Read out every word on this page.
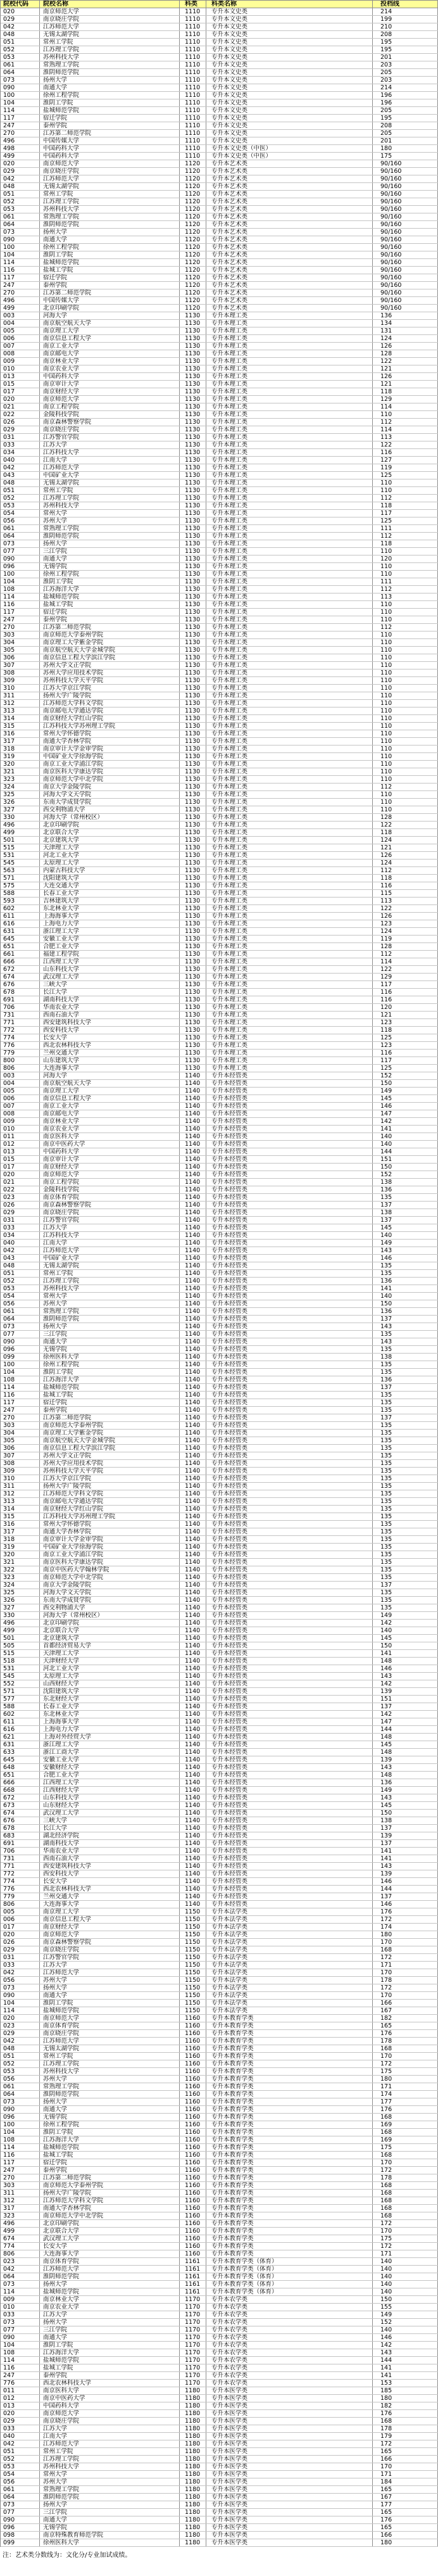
院校代码	院校名称	科类	科类名称	投档线
020	南京师范大学	1110	专升本文史类	214
029	南京晓庄学院	1110	专升本文史类	199
042	江苏师范大学	1110	专升本文史类	210
048	无锡太湖学院	1110	专升本文史类	208
051	常州工学院	1110	专升本文史类	195
052	江苏理工学院	1110	专升本文史类	195
053	苏州科技大学	1110	专升本文史类	201
061	常熟理工学院	1110	专升本文史类	203
064	淮阴师范学院	1110	专升本文史类	205
073	扬州大学	1110	专升本文史类	203
090	南通大学	1110	专升本文史类	214
100	徐州工程学院	1110	专升本文史类	196
104	淮阴工学院	1110	专升本文史类	196
114	盐城师范学院	1110	专升本文史类	205
117	宿迁学院	1110	专升本文史类	195
247	泰州学院	1110	专升本文史类	208
270	江苏第二师范学院	1110	专升本文史类	205
496	中国传媒大学	1110	专升本文史类	201
498	中国药科大学	1110	专升本文史类（中医）	180
499	中国药科大学	1110	专升本文史类（中医）	175
020	南京师范大学	1120	专升本艺术类	90/160
029	南京晓庄学院	1120	专升本艺术类	90/160
042	江苏师范大学	1120	专升本艺术类	90/160
048	无锡太湖学院	1120	专升本艺术类	90/160
051	常州工学院	1120	专升本艺术类	90/160
052	江苏理工学院	1120	专升本艺术类	90/160
053	苏州科技大学	1120	专升本艺术类	90/160
061	常熟理工学院	1120	专升本艺术类	90/160
064	淮阴师范学院	1120	专升本艺术类	90/160
073	扬州大学	1120	专升本艺术类	90/160
090	南通大学	1120	专升本艺术类	90/160
100	徐州工程学院	1120	专升本艺术类	90/160
104	淮阴工学院	1120	专升本艺术类	90/160
114	盐城师范学院	1120	专升本艺术类	90/160
116	盐城工学院	1120	专升本艺术类	90/160
117	宿迁学院	1120	专升本艺术类	90/160
247	泰州学院	1120	专升本艺术类	90/160
270	江苏第二师范学院	1120	专升本艺术类	90/160
496	中国传媒大学	1120	专升本艺术类	90/160
499	北京印刷学院	1120	专升本艺术类	90/160
003	河海大学	1130	专升本理工类	136
004	南京航空航天大学	1130	专升本理工类	134
005	南京理工大学	1130	专升本理工类	131
006	南京信息工程大学	1130	专升本理工类	124
007	南京工业大学	1130	专升本理工类	126
008	南京邮电大学	1130	专升本理工类	128
009	南京林业大学	1130	专升本理工类	122
010	南京农业大学	1130	专升本理工类	121
013	中国药科大学	1130	专升本理工类	126
015	南京审计大学	1130	专升本理工类	121
017	南京财经大学	1130	专升本理工类	118
020	南京师范大学	1130	专升本理工类	129
021	南京工程学院	1130	专升本理工类	114
022	金陵科技学院	1130	专升本理工类	110
026	南京森林警察学院	1130	专升本理工类	112
029	南京晓庄学院	1130	专升本理工类	114
031	江苏警官学院	1130	专升本理工类	113
033	江苏大学	1130	专升本理工类	122
034	江苏科技大学	1130	专升本理工类	116
040	江南大学	1130	专升本理工类	127
042	江苏师范大学	1130	专升本理工类	119
043	中国矿业大学	1130	专升本理工类	125
048	无锡太湖学院	1130	专升本理工类	110
051	常州工学院	1130	专升本理工类	110
052	江苏理工学院	1130	专升本理工类	112
053	苏州科技大学	1130	专升本理工类	118
054	常州大学	1130	专升本理工类	117
056	苏州大学	1130	专升本理工类	125
061	常熟理工学院	1130	专升本理工类	111
064	淮阴师范学院	1130	专升本理工类	112
073	扬州大学	1130	专升本理工类	118
077	三江学院	1130	专升本理工类	110
090	南通大学	1130	专升本理工类	120
096	无锡学院	1130	专升本理工类	110
100	徐州工程学院	1130	专升本理工类	110
104	淮阴工学院	1130	专升本理工类	111
108	江苏海洋大学	1130	专升本理工类	112
114	盐城师范学院	1130	专升本理工类	113
116	盐城工学院	1130	专升本理工类	110
117	宿迁学院	1130	专升本理工类	110
247	泰州学院	1130	专升本理工类	110
270	江苏第二师范学院	1130	专升本理工类	112
303	南京师范大学泰州学院	1130	专升本理工类	110
304	南京理工大学紫金学院	1130	专升本理工类	110
305	南京航空航天大学金城学院	1130	专升本理工类	110
306	南京信息工程大学滨江学院	1130	专升本理工类	110
307	苏州大学文正学院	1130	专升本理工类	110
308	苏州大学应用技术学院	1130	专升本理工类	110
309	苏州科技大学天平学院	1130	专升本理工类	110
310	江苏大学京江学院	1130	专升本理工类	110
311	扬州大学广陵学院	1130	专升本理工类	110
312	江苏师范大学科文学院	1130	专升本理工类	110
313	南京邮电大学通达学院	1130	专升本理工类	110
314	南京财经大学红山学院	1130	专升本理工类	110
315	江苏科技大学苏州理工学院	1130	专升本理工类	110
316	常州大学怀德学院	1130	专升本理工类	110
317	南通大学杏林学院	1130	专升本理工类	110
318	南京审计大学金审学院	1130	专升本理工类	110
319	中国矿业大学徐海学院	1130	专升本理工类	110
320	南京工业大学浦江学院	1130	专升本理工类	110
321	南京医科大学康达学院	1130	专升本理工类	110
323	南京师范大学中北学院	1130	专升本理工类	110
324	南京大学金陵学院	1130	专升本理工类	112
325	河海大学文天学院	1130	专升本理工类	110
326	东南大学成贤学院	1130	专升本理工类	110
327	西交利物浦大学	1130	专升本理工类	110
330	河海大学（常州校区）	1130	专升本理工类	128
496	北京印刷学院	1130	专升本理工类	122
499	北京联合大学	1130	专升本理工类	118
501	北京建筑大学	1130	专升本理工类	124
515	天津理工大学	1130	专升本理工类	121
531	河北工业大学	1130	专升本理工类	126
545	太原理工大学	1130	专升本理工类	124
563	内蒙古科技大学	1130	专升本理工类	112
571	沈阳建筑大学	1130	专升本理工类	118
575	大连交通大学	1130	专升本理工类	116
588	长春工业大学	1130	专升本理工类	115
593	吉林建筑大学	1130	专升本理工类	113
602	东北林业大学	1130	专升本理工类	122
611	上海海事大学	1130	专升本理工类	126
616	上海电力大学	1130	专升本理工类	123
631	浙江理工大学	1130	专升本理工类	124
645	安徽工业大学	1130	专升本理工类	119
651	合肥工业大学	1130	专升本理工类	128
661	福建工程学院	1130	专升本理工类	112
666	江西理工大学	1130	专升本理工类	114
672	山东科技大学	1130	专升本理工类	122
674	武汉理工大学	1130	专升本理工类	129
676	三峡大学	1130	专升本理工类	117
678	长江大学	1130	专升本理工类	116
691	湖南科技大学	1130	专升本理工类	116
706	华南农业大学	1130	专升本理工类	120
731	西南石油大学	1130	专升本理工类	121
771	西安建筑科技大学	1130	专升本理工类	123
772	西安科技大学	1130	专升本理工类	118
774	长安大学	1130	专升本理工类	125
776	西北农林科技大学	1130	专升本理工类	123
779	兰州交通大学	1130	专升本理工类	116
800	山东建筑大学	1130	专升本理工类	117
806	大连海事大学	1130	专升本理工类	125
003	河海大学	1140	专升本经管类	152
004	南京航空航天大学	1140	专升本经管类	150
005	南京理工大学	1140	专升本经管类	149
006	南京信息工程大学	1140	专升本经管类	145
007	南京工业大学	1140	专升本经管类	146
008	南京邮电大学	1140	专升本经管类	147
009	南京林业大学	1140	专升本经管类	142
010	南京农业大学	1140	专升本经管类	141
011	南京医科大学	1140	专升本经管类	140
012	南京中医药大学	1140	专升本经管类	140
013	中国药科大学	1140	专升本经管类	144
015	南京审计大学	1140	专升本经管类	151
017	南京财经大学	1140	专升本经管类	150
020	南京师范大学	1140	专升本经管类	152
021	南京工程学院	1140	专升本经管类	138
022	金陵科技学院	1140	专升本经管类	136
023	南京体育学院	1140	专升本经管类	135
026	南京森林警察学院	1140	专升本经管类	137
029	南京晓庄学院	1140	专升本经管类	138
031	江苏警官学院	1140	专升本经管类	137
033	江苏大学	1140	专升本经管类	145
034	江苏科技大学	1140	专升本经管类	140
040	江南大学	1140	专升本经管类	149
042	江苏师范大学	1140	专升本经管类	143
043	中国矿业大学	1140	专升本经管类	146
048	无锡太湖学院	1140	专升本经管类	135
051	常州工学院	1140	专升本经管类	135
052	江苏理工学院	1140	专升本经管类	136
053	苏州科技大学	1140	专升本经管类	141
054	常州大学	1140	专升本经管类	140
056	苏州大学	1140	专升本经管类	150
061	常熟理工学院	1140	专升本经管类	136
064	淮阴师范学院	1140	专升本经管类	137
073	扬州大学	1140	专升本经管类	143
077	三江学院	1140	专升本经管类	135
090	南通大学	1140	专升本经管类	143
096	无锡学院	1140	专升本经管类	135
099	徐州医科大学	1140	专升本经管类	138
100	徐州工程学院	1140	专升本经管类	135
104	淮阴工学院	1140	专升本经管类	135
108	江苏海洋大学	1140	专升本经管类	136
114	盐城师范学院	1140	专升本经管类	137
116	盐城工学院	1140	专升本经管类	135
117	宿迁学院	1140	专升本经管类	135
247	泰州学院	1140	专升本经管类	135
270	江苏第二师范学院	1140	专升本经管类	137
303	南京师范大学泰州学院	1140	专升本经管类	135
304	南京理工大学紫金学院	1140	专升本经管类	135
305	南京航空航天大学金城学院	1140	专升本经管类	135
306	南京信息工程大学滨江学院	1140	专升本经管类	135
307	苏州大学文正学院	1140	专升本经管类	135
308	苏州大学应用技术学院	1140	专升本经管类	135
309	苏州科技大学天平学院	1140	专升本经管类	135
310	江苏大学京江学院	1140	专升本经管类	135
311	扬州大学广陵学院	1140	专升本经管类	135
312	江苏师范大学科文学院	1140	专升本经管类	135
313	南京邮电大学通达学院	1140	专升本经管类	135
314	南京财经大学红山学院	1140	专升本经管类	135
315	江苏科技大学苏州理工学院	1140	专升本经管类	135
316	常州大学怀德学院	1140	专升本经管类	135
317	南通大学杏林学院	1140	专升本经管类	135
318	南京审计大学金审学院	1140	专升本经管类	135
319	中国矿业大学徐海学院	1140	专升本经管类	135
320	南京工业大学浦江学院	1140	专升本经管类	135
321	南京医科大学康达学院	1140	专升本经管类	135
322	南京中医药大学翰林学院	1140	专升本经管类	135
323	南京师范大学中北学院	1140	专升本经管类	135
324	南京大学金陵学院	1140	专升本经管类	137
325	河海大学文天学院	1140	专升本经管类	135
326	东南大学成贤学院	1140	专升本经管类	135
327	西交利物浦大学	1140	专升本经管类	135
330	河海大学（常州校区）	1140	专升本经管类	149
496	北京印刷学院	1140	专升本经管类	142
499	北京联合大学	1140	专升本经管类	140
501	北京建筑大学	1140	专升本经管类	145
505	首都经济贸易大学	1140	专升本经管类	150
515	天津理工大学	1140	专升本经管类	141
518	天津财经大学	1140	专升本经管类	148
531	河北工业大学	1140	专升本经管类	146
545	太原理工大学	1140	专升本经管类	143
552	山西财经大学	1140	专升本经管类	142
571	沈阳建筑大学	1140	专升本经管类	139
577	东北财经大学	1140	专升本经管类	151
588	长春工业大学	1140	专升本经管类	137
602	东北林业大学	1140	专升本经管类	142
611	上海海事大学	1140	专升本经管类	147
616	上海电力大学	1140	专升本经管类	144
621	上海对外经贸大学	1140	专升本经管类	148
631	浙江理工大学	1140	专升本经管类	145
633	浙江工商大学	1140	专升本经管类	148
645	安徽工业大学	1140	专升本经管类	139
648	安徽财经大学	1140	专升本经管类	143
651	合肥工业大学	1140	专升本经管类	148
666	江西理工大学	1140	专升本经管类	136
668	江西财经大学	1140	专升本经管类	149
672	山东科技大学	1140	专升本经管类	143
673	山东财经大学	1140	专升本经管类	145
674	武汉理工大学	1140	专升本经管类	150
676	三峡大学	1140	专升本经管类	138
678	长江大学	1140	专升本经管类	137
683	湖北经济学院	1140	专升本经管类	139
691	湖南科技大学	1140	专升本经管类	137
706	华南农业大学	1140	专升本经管类	141
731	西南石油大学	1140	专升本经管类	141
771	西安建筑科技大学	1140	专升本经管类	143
772	西安科技大学	1140	专升本经管类	139
774	长安大学	1140	专升本经管类	146
776	西北农林科技大学	1140	专升本经管类	144
779	兰州交通大学	1140	专升本经管类	137
806	大连海事大学	1140	专升本经管类	146
005	南京理工大学	1150	专升本法学类	176
006	南京信息工程大学	1150	专升本法学类	172
017	南京财经大学	1150	专升本法学类	174
020	南京师范大学	1150	专升本法学类	180
026	南京森林警察学院	1150	专升本法学类	170
029	南京晓庄学院	1150	专升本法学类	168
031	江苏警官学院	1150	专升本法学类	172
033	江苏大学	1150	专升本法学类	171
042	江苏师范大学	1150	专升本法学类	170
056	苏州大学	1150	专升本法学类	178
073	扬州大学	1150	专升本法学类	172
090	南通大学	1150	专升本法学类	170
104	淮阴工学院	1150	专升本法学类	166
114	盐城师范学院	1150	专升本法学类	167
020	南京师范大学	1160	专升本教育学类	182
023	南京体育学院	1160	专升本教育学类	165
029	南京晓庄学院	1160	专升本教育学类	176
042	江苏师范大学	1160	专升本教育学类	178
048	无锡太湖学院	1160	专升本教育学类	168
051	常州工学院	1160	专升本教育学类	170
052	江苏理工学院	1160	专升本教育学类	172
053	苏州科技大学	1160	专升本教育学类	175
056	苏州大学	1160	专升本教育学类	180
061	常熟理工学院	1160	专升本教育学类	171
064	淮阴师范学院	1160	专升本教育学类	174
073	扬州大学	1160	专升本教育学类	177
090	南通大学	1160	专升本教育学类	176
096	无锡学院	1160	专升本教育学类	168
100	徐州工程学院	1160	专升本教育学类	169
104	淮阴工学院	1160	专升本教育学类	168
108	江苏海洋大学	1160	专升本教育学类	169
114	盐城师范学院	1160	专升本教育学类	175
116	盐城工学院	1160	专升本教育学类	168
117	宿迁学院	1160	专升本教育学类	170
247	泰州学院	1160	专升本教育学类	172
270	江苏第二师范学院	1160	专升本教育学类	178
303	南京师范大学泰州学院	1160	专升本教育学类	168
311	扬州大学广陵学院	1160	专升本教育学类	168
312	江苏师范大学科文学院	1160	专升本教育学类	168
317	南通大学杏林学院	1160	专升本教育学类	168
323	南京师范大学中北学院	1160	专升本教育学类	168
496	北京印刷学院	1160	专升本教育学类	172
499	北京联合大学	1160	专升本教育学类	170
674	武汉理工大学	1160	专升本教育学类	175
774	长安大学	1160	专升本教育学类	172
806	大连海事大学	1160	专升本教育学类	171
023	南京体育学院	1161	专升本教育学类（体育）	140
042	江苏师范大学	1161	专升本教育学类（体育）	140
064	淮阴师范学院	1161	专升本教育学类（体育）	140
073	扬州大学	1161	专升本教育学类（体育）	140
114	盐城师范学院	1161	专升本教育学类（体育）	140
009	南京林业大学	1170	专升本农学类	150
010	南京农业大学	1170	专升本农学类	155
033	江苏大学	1170	专升本农学类	149
073	扬州大学	1170	专升本农学类	152
077	三江学院	1170	专升本农学类	140
090	南通大学	1170	专升本农学类	146
104	淮阴工学院	1170	专升本农学类	142
108	江苏海洋大学	1170	专升本农学类	143
114	盐城师范学院	1170	专升本农学类	144
116	盐城工学院	1170	专升本农学类	141
247	泰州学院	1170	专升本农学类	141
776	西北农林科技大学	1170	专升本农学类	153
011	南京医科大学	1180	专升本医学类	185
012	南京中医药大学	1180	专升本医学类	180
013	中国药科大学	1180	专升本医学类	182
020	南京师范大学	1180	专升本医学类	176
029	南京晓庄学院	1180	专升本医学类	168
033	江苏大学	1180	专升本医学类	178
040	江南大学	1180	专升本医学类	179
042	江苏师范大学	1180	专升本医学类	172
051	常州工学院	1180	专升本医学类	165
052	江苏理工学院	1180	专升本医学类	166
053	苏州科技大学	1180	专升本医学类	170
054	常州大学	1180	专升本医学类	171
056	苏州大学	1180	专升本医学类	184
061	常熟理工学院	1180	专升本医学类	165
064	淮阴师范学院	1180	专升本医学类	167
073	扬州大学	1180	专升本医学类	177
077	三江学院	1180	专升本医学类	165
090	南通大学	1180	专升本医学类	176
096	无锡学院	1180	专升本医学类	165
098	南京特殊教育师范学院	1180	专升本医学类	166
099	徐州医科大学	1180	专升本医学类	180
注：艺术类分数线为：文化分/专业加试成绩。
